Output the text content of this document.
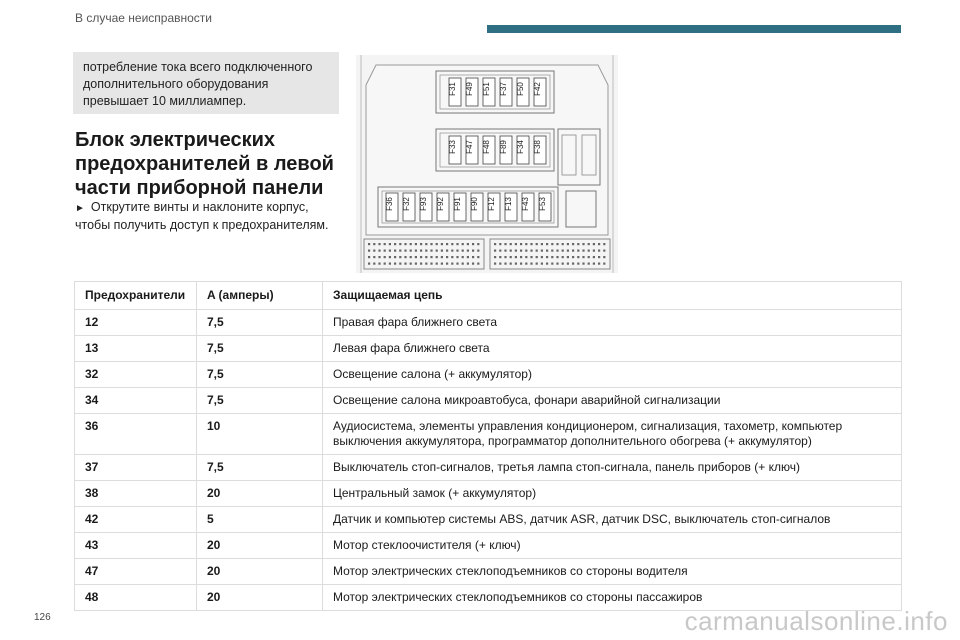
В случае неисправности
потребление тока всего подключенного дополнительного оборудования превышает 10 миллиампер.
Блок электрических предохранителей в левой части приборной панели
► Открутите винты и наклоните корпус, чтобы получить доступ к предохранителям.
F31 F49 F51 F37 F50 F42
F33 F47 F48 F89 F34 F38
F36 F32 F93 F92 F91 F90 F12 F13 F43 F53
Предохранители	A (амперы)	Защищаемая цепь
12	7,5	Правая фара ближнего света
13	7,5	Левая фара ближнего света
32	7,5	Освещение салона (+ аккумулятор)
34	7,5	Освещение салона микроавтобуса, фонари аварийной сигнализации
36	10	Аудиосистема, элементы управления кондиционером, сигнализация, тахометр, компьютер выключения аккумулятора, программатор дополнительного обогрева (+ аккумулятор)
37	7,5	Выключатель стоп-сигналов, третья лампа стоп-сигнала, панель приборов (+ ключ)
38	20	Центральный замок (+ аккумулятор)
42	5	Датчик и компьютер системы ABS, датчик ASR, датчик DSC, выключатель стоп-сигналов
43	20	Мотор стеклоочистителя (+ ключ)
47	20	Мотор электрических стеклоподъемников со стороны водителя
48	20	Мотор электрических стеклоподъемников со стороны пассажиров
126	carmanualsonline.info
